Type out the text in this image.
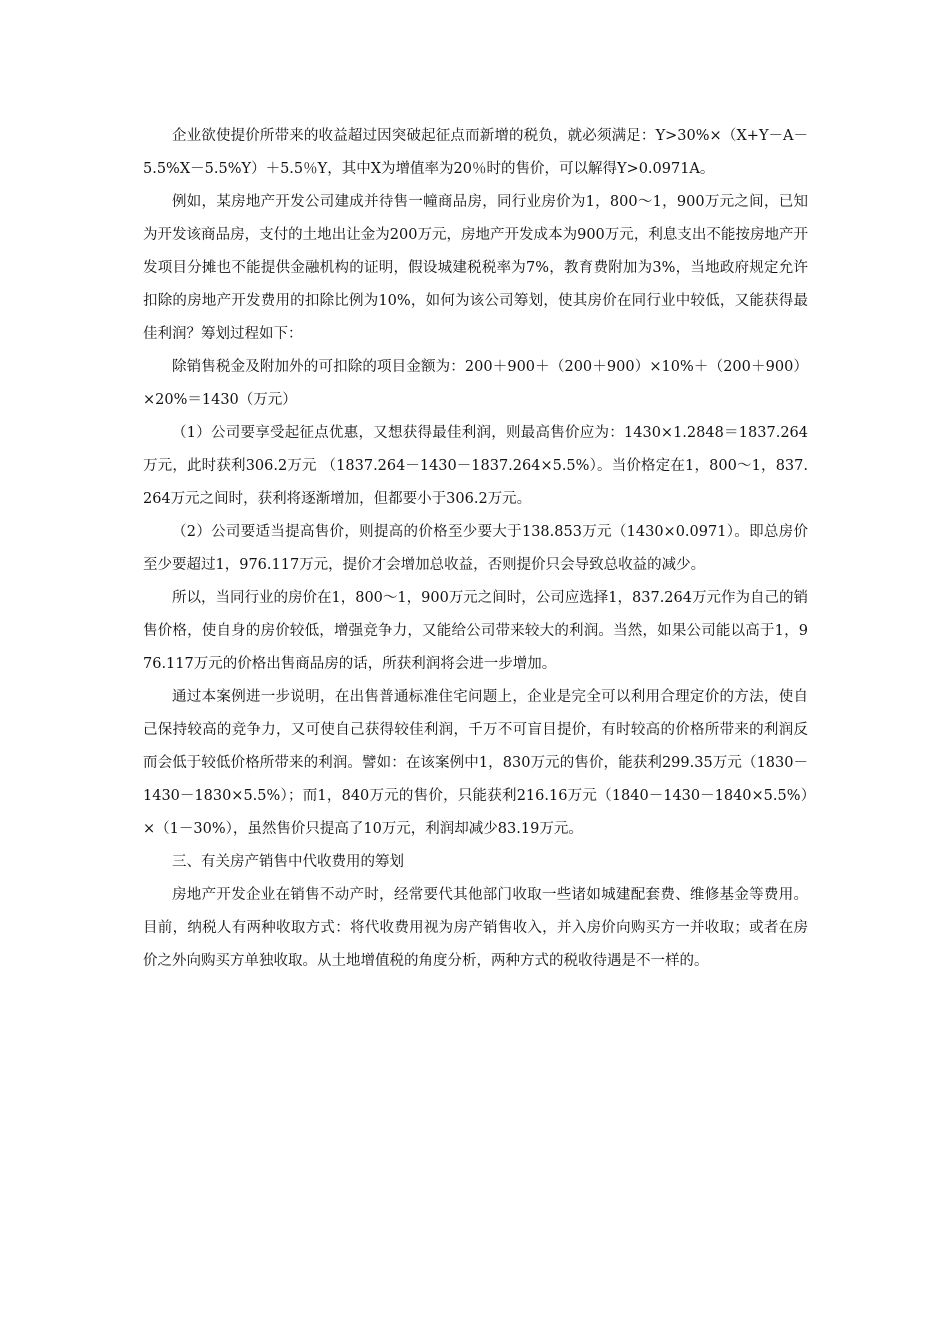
企业欲使提价所带来的收益超过因突破起征点而新增的税负，就必须满足：Y>30%×（X+Y－A－5.5%X－5.5%Y）＋5.5％Y，其中X为增值率为20％时的售价，可以解得Y>0.0971A。

例如，某房地产开发公司建成并待售一幢商品房，同行业房价为1，800～1，900万元之间，已知为开发该商品房，支付的土地出让金为200万元，房地产开发成本为900万元，利息支出不能按房地产开发项目分摊也不能提供金融机构的证明，假设城建税税率为7%，教育费附加为3%，当地政府规定允许扣除的房地产开发费用的扣除比例为10%，如何为该公司筹划，使其房价在同行业中较低，又能获得最佳利润？筹划过程如下：

除销售税金及附加外的可扣除的项目金额为：200＋900＋（200＋900）×10%＋（200＋900）×20%＝1430（万元）

（1）公司要享受起征点优惠，又想获得最佳利润，则最高售价应为：1430×1.2848＝1837.264万元，此时获利306.2万元 （1837.264－1430－1837.264×5.5%）。当价格定在1，800～1，837.264万元之间时，获利将逐渐增加，但都要小于306.2万元。

（2）公司要适当提高售价，则提高的价格至少要大于138.853万元（1430×0.0971）。即总房价至少要超过1，976.117万元，提价才会增加总收益，否则提价只会导致总收益的减少。

所以，当同行业的房价在1，800～1，900万元之间时，公司应选择1，837.264万元作为自己的销售价格，使自身的房价较低，增强竞争力，又能给公司带来较大的利润。当然，如果公司能以高于1，976.117万元的价格出售商品房的话，所获利润将会进一步增加。

通过本案例进一步说明，在出售普通标准住宅问题上，企业是完全可以利用合理定价的方法，使自己保持较高的竞争力，又可使自己获得较佳利润，千万不可盲目提价，有时较高的价格所带来的利润反而会低于较低价格所带来的利润。譬如：在该案例中1，830万元的售价，能获利299.35万元（1830－1430－1830×5.5%）；而1，840万元的售价，只能获利216.16万元（1840－1430－1840×5.5%）×（1－30%），虽然售价只提高了10万元，利润却减少83.19万元。

三、有关房产销售中代收费用的筹划

房地产开发企业在销售不动产时，经常要代其他部门收取一些诸如城建配套费、维修基金等费用。目前，纳税人有两种收取方式：将代收费用视为房产销售收入，并入房价向购买方一并收取；或者在房价之外向购买方单独收取。从土地增值税的角度分析，两种方式的税收待遇是不一样的。
